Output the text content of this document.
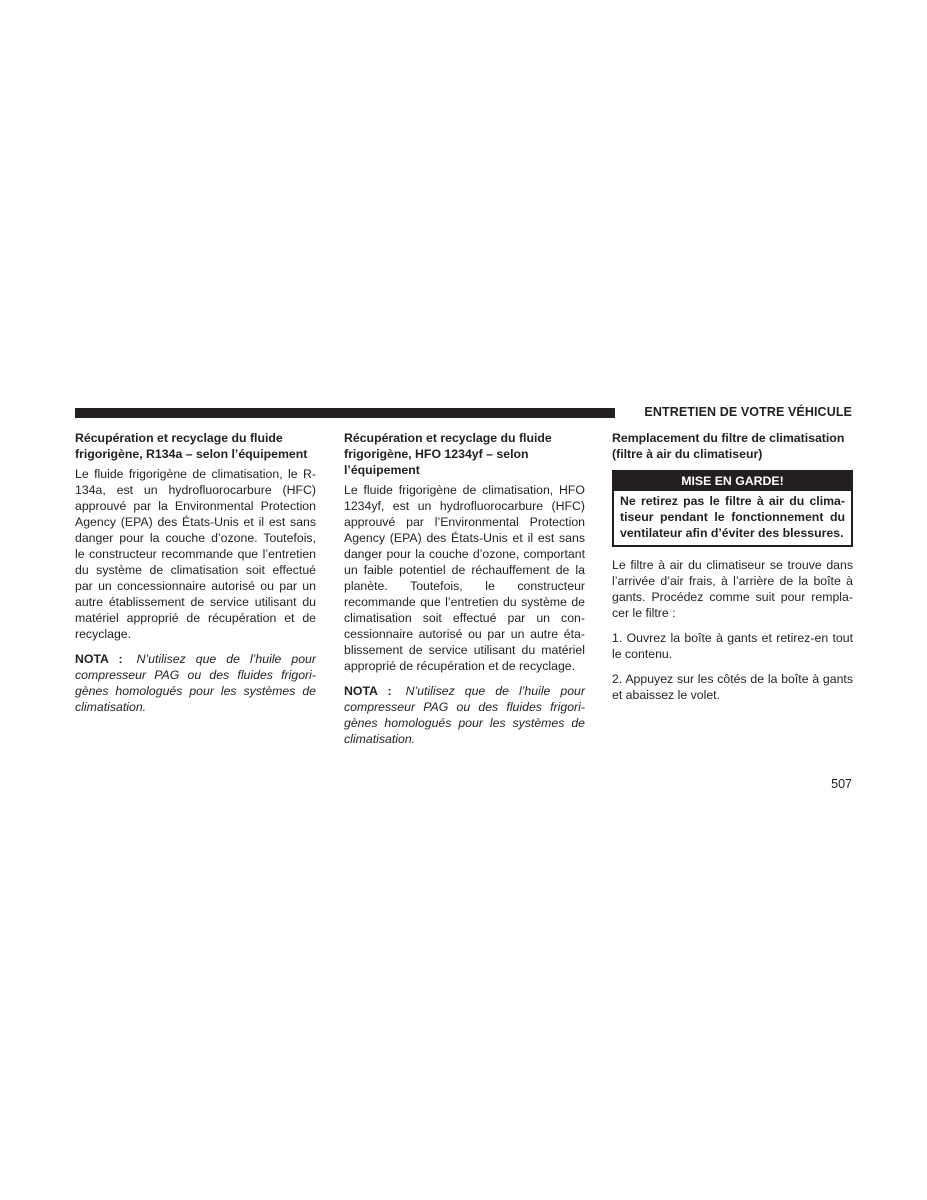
ENTRETIEN DE VOTRE VÉHICULE

Récupération et recyclage du fluide frigorigène, R134a – selon l’équipement

Le fluide frigorigène de climatisation, le R-134a, est un hydrofluorocarbure (HFC) approuvé par la Environmental Protection Agency (EPA) des États-Unis et il est sans danger pour la couche d’ozone. Toutefois, le constructeur recommande que l’entretien du système de climatisation soit effectué par un concessionnaire autorisé ou par un autre établissement de service utilisant du matériel approprié de récupération et de recyclage.

NOTA : N’utilisez que de l’huile pour compresseur PAG ou des fluides frigorigènes homologués pour les systèmes de climatisation.

Récupération et recyclage du fluide frigorigène, HFO 1234yf – selon l’équipement

Le fluide frigorigène de climatisation, HFO 1234yf, est un hydrofluorocarbure (HFC) approuvé par l’Environmental Protection Agency (EPA) des États-Unis et il est sans danger pour la couche d’ozone, comportant un faible potentiel de réchauffement de la planète. Toutefois, le constructeur recommande que l’entretien du système de climatisation soit effectué par un concessionnaire autorisé ou par un autre établissement de service utilisant du matériel approprié de récupération et de recyclage.

NOTA : N’utilisez que de l’huile pour compresseur PAG ou des fluides frigorigènes homologués pour les systèmes de climatisation.

Remplacement du filtre de climatisation (filtre à air du climatiseur)

MISE EN GARDE!
Ne retirez pas le filtre à air du climatiseur pendant le fonctionnement du ventilateur afin d’éviter des blessures.

Le filtre à air du climatiseur se trouve dans l’arrivée d’air frais, à l’arrière de la boîte à gants. Procédez comme suit pour remplacer le filtre :

1. Ouvrez la boîte à gants et retirez-en tout le contenu.

2. Appuyez sur les côtés de la boîte à gants et abaissez le volet.

507
